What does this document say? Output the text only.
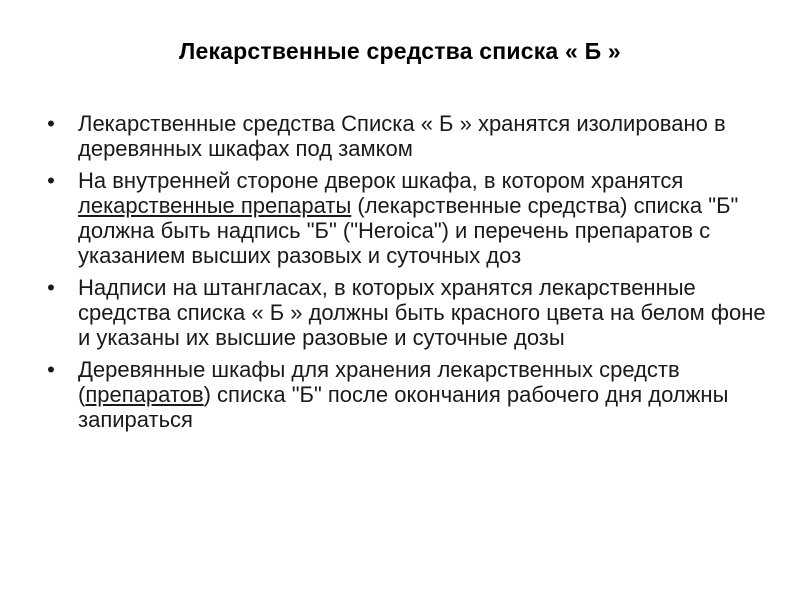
Лекарственные средства списка « Б »
• Лекарственные средства Списка « Б » хранятся изолировано в деревянных шкафах под замком
• На внутренней стороне дверок шкафа, в котором хранятся лекарственные препараты (лекарственные средства) списка "Б" должна быть надпись "Б" ("Heroica") и перечень препаратов с указанием высших разовых и суточных доз
• Надписи на штангласах, в которых хранятся лекарственные средства списка « Б » должны быть красного цвета на белом фоне и указаны их высшие разовые и суточные дозы
• Деревянные шкафы для хранения лекарственных средств (препаратов) списка "Б" после окончания рабочего дня должны запираться
